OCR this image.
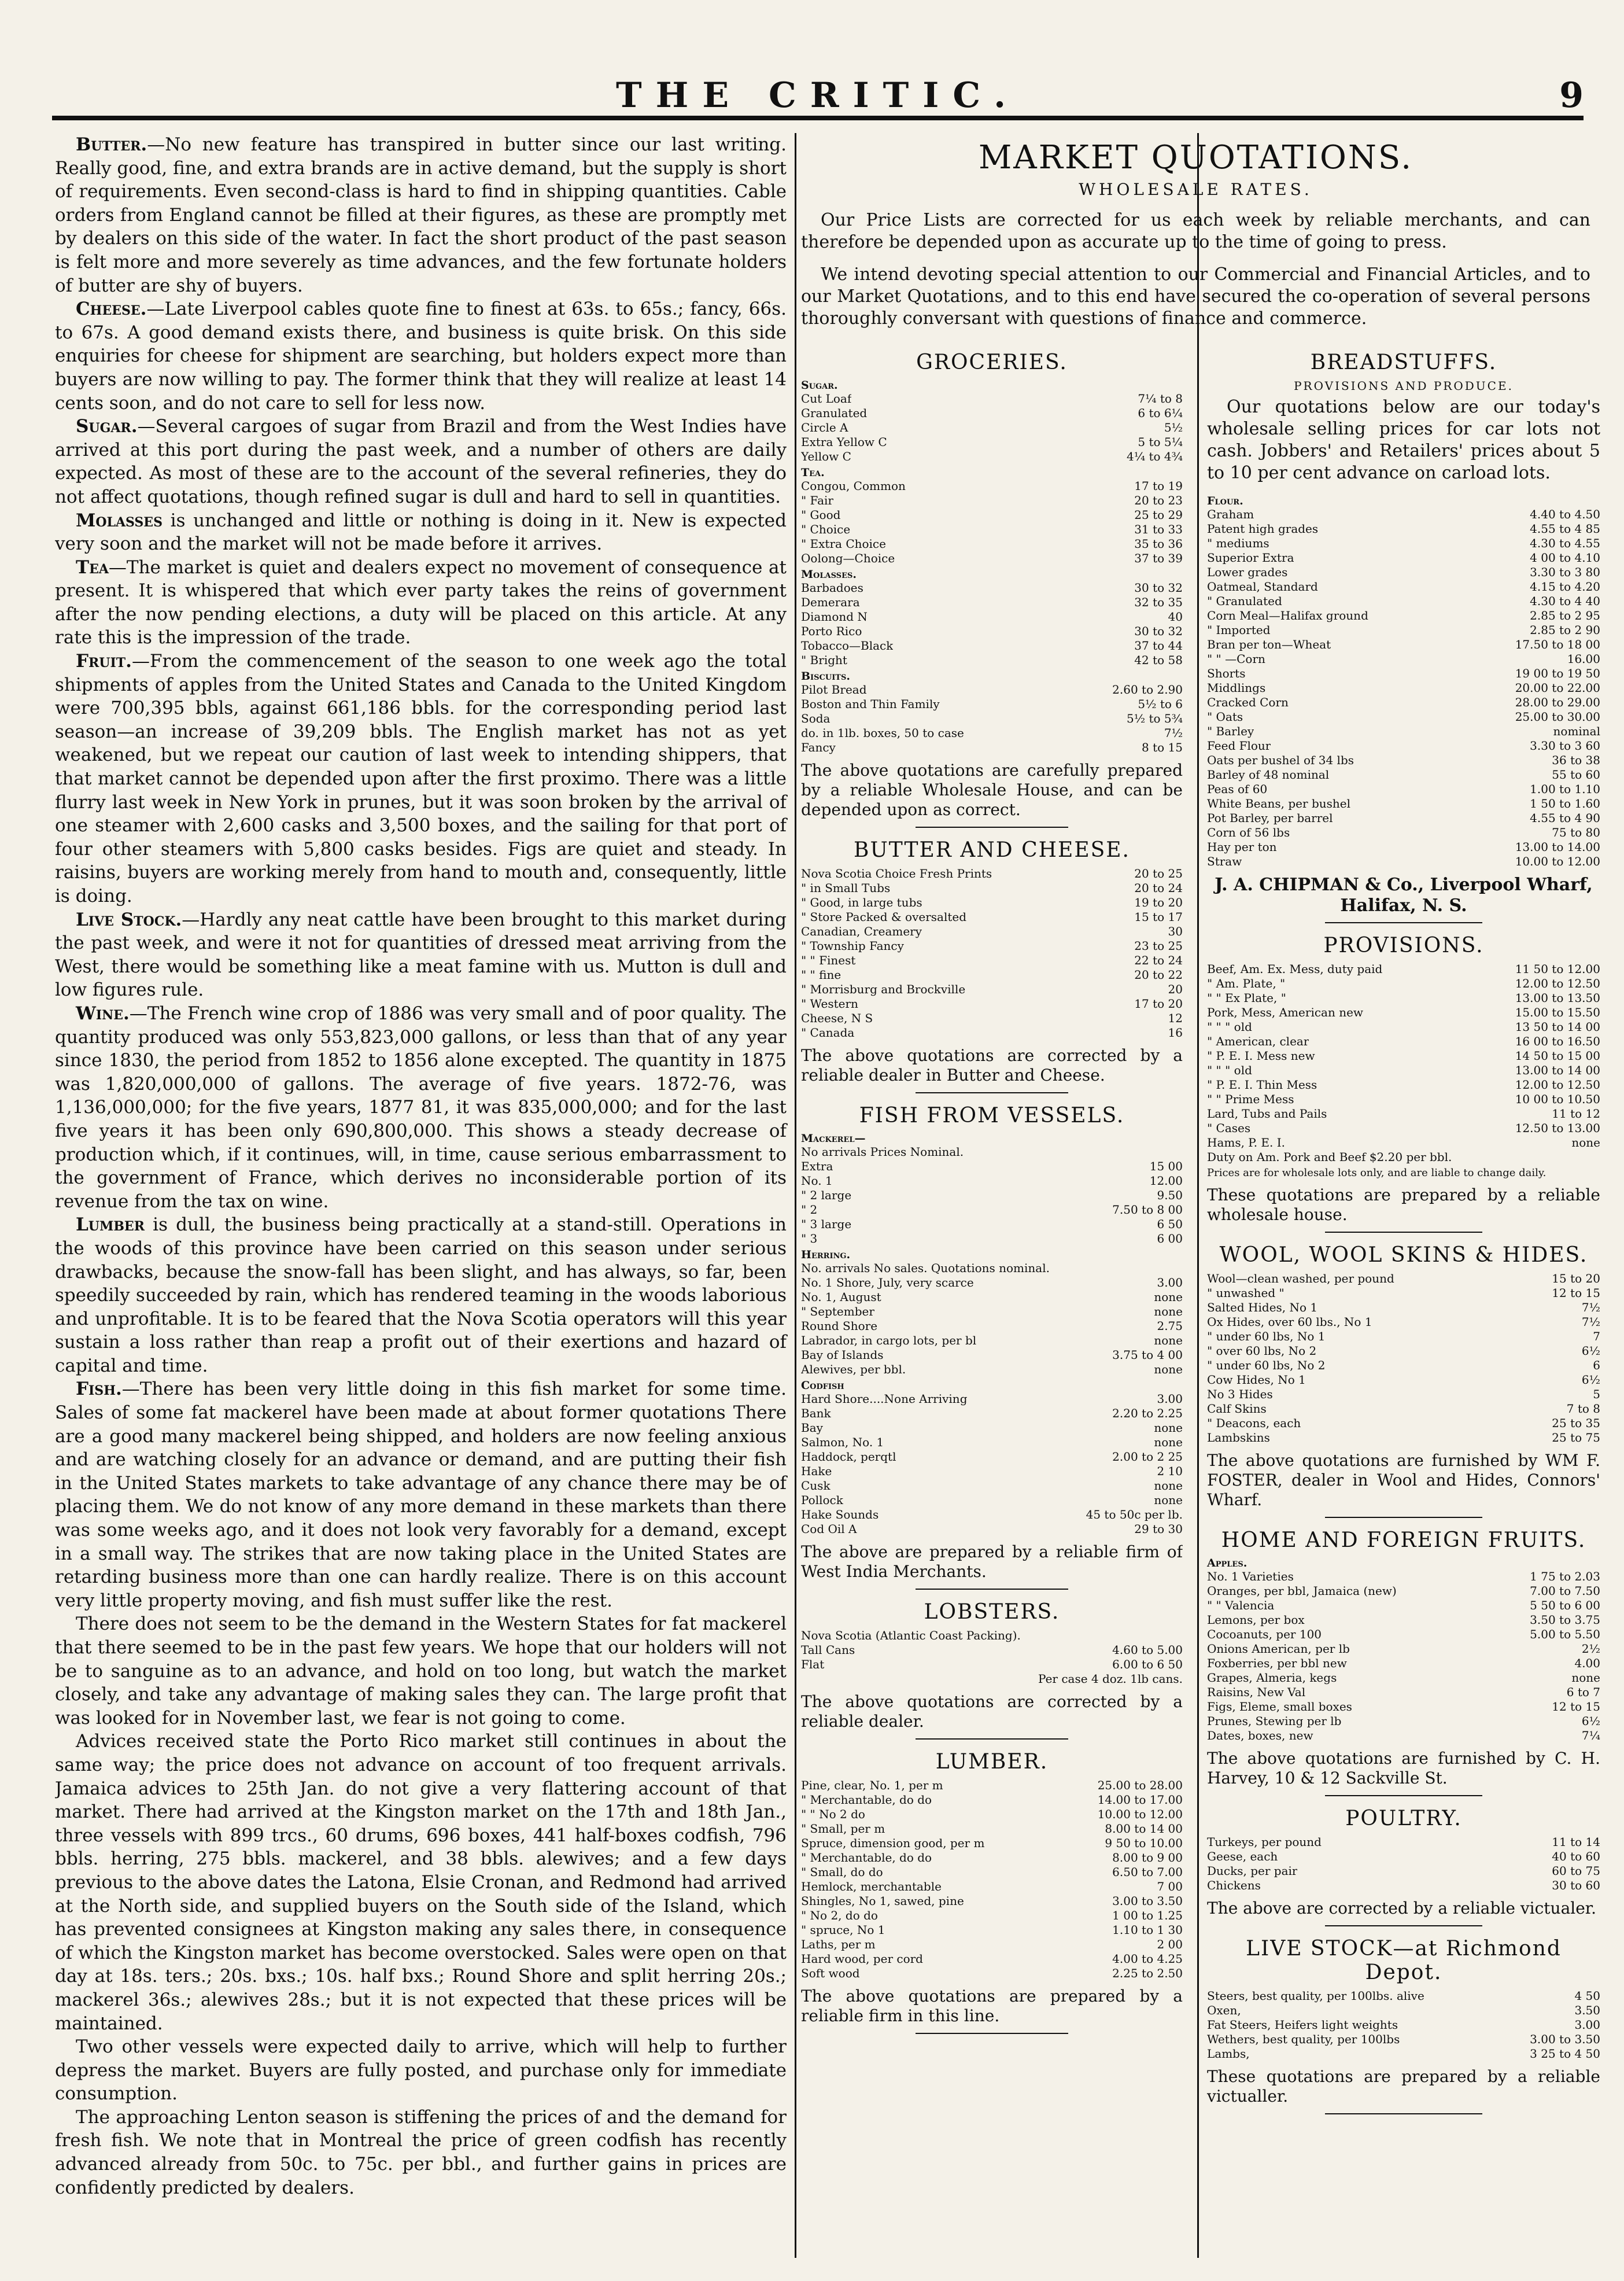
THE CRITIC.	9

Butter.—No new feature has transpired in butter since our last writing. Really good, fine, and extra brands are in active demand, but the supply is short of requirements. Even second-class is hard to find in shipping quantities. Cable orders from England cannot be filled at their figures, as these are promptly met by dealers on this side of the water. In fact the short product of the past season is felt more and more severely as time advances, and the few fortunate holders of butter are shy of buyers.

Cheese.—Late Liverpool cables quote fine to finest at 63s. to 65s.; fancy, 66s. to 67s. A good demand exists there, and business is quite brisk. On this side enquiries for cheese for shipment are searching, but holders expect more than buyers are now willing to pay. The former think that they will realize at least 14 cents soon, and do not care to sell for less now.

Sugar.—Several cargoes of sugar from Brazil and from the West Indies have arrived at this port during the past week, and a number of others are daily expected. As most of these are to the account of the several refineries, they do not affect quotations, though refined sugar is dull and hard to sell in quantities.

Molasses is unchanged and little or nothing is doing in it. New is expected very soon and the market will not be made before it arrives.

Tea—The market is quiet and dealers expect no movement of consequence at present. It is whispered that which ever party takes the reins of government after the now pending elections, a duty will be placed on this article. At any rate this is the impression of the trade.

Fruit.—From the commencement of the season to one week ago the total shipments of apples from the United States and Canada to the United Kingdom were 700,395 bbls, against 661,186 bbls. for the corresponding period last season—an increase of 39,209 bbls. The English market has not as yet weakened, but we repeat our caution of last week to intending shippers, that that market cannot be depended upon after the first proximo. There was a little flurry last week in New York in prunes, but it was soon broken by the arrival of one steamer with 2,600 casks and 3,500 boxes, and the sailing for that port of four other steamers with 5,800 casks besides. Figs are quiet and steady. In raisins, buyers are working merely from hand to mouth and, consequently, little is doing.

Live Stock.—Hardly any neat cattle have been brought to this market during the past week, and were it not for quantities of dressed meat arriving from the West, there would be something like a meat famine with us. Mutton is dull and low figures rule.

Wine.—The French wine crop of 1886 was very small and of poor quality. The quantity produced was only 553,823,000 gallons, or less than that of any year since 1830, the period from 1852 to 1856 alone excepted. The quantity in 1875 was 1,820,000,000 of gallons. The average of five years. 1872-76, was 1,136,000,000; for the five years, 1877 81, it was 835,000,000; and for the last five years it has been only 690,800,000. This shows a steady decrease of production which, if it continues, will, in time, cause serious embarrassment to the government of France, which derives no inconsiderable portion of its revenue from the tax on wine.

Lumber is dull, the business being practically at a stand-still. Operations in the woods of this province have been carried on this season under serious drawbacks, because the snow-fall has been slight, and has always, so far, been speedily succeeded by rain, which has rendered teaming in the woods laborious and unprofitable. It is to be feared that the Nova Scotia operators will this year sustain a loss rather than reap a profit out of their exertions and hazard of capital and time.

Fish.—There has been very little doing in this fish market for some time. Sales of some fat mackerel have been made at about former quotations There are a good many mackerel being shipped, and holders are now feeling anxious and are watching closely for an advance or demand, and are putting their fish in the United States markets to take advantage of any chance there may be of placing them. We do not know of any more demand in these markets than there was some weeks ago, and it does not look very favorably for a demand, except in a small way. The strikes that are now taking place in the United States are retarding business more than one can hardly realize. There is on this account very little property moving, and fish must suffer like the rest.

There does not seem to be the demand in the Western States for fat mackerel that there seemed to be in the past few years. We hope that our holders will not be to sanguine as to an advance, and hold on too long, but watch the market closely, and take any advantage of making sales they can. The large profit that was looked for in November last, we fear is not going to come.

Advices received state the Porto Rico market still continues in about the same way; the price does not advance on account of too frequent arrivals. Jamaica advices to 25th Jan. do not give a very flattering account of that market. There had arrived at the Kingston market on the 17th and 18th Jan., three vessels with 899 trcs., 60 drums, 696 boxes, 441 half-boxes codfish, 796 bbls. herring, 275 bbls. mackerel, and 38 bbls. alewives; and a few days previous to the above dates the Latona, Elsie Cronan, and Redmond had arrived at the North side, and supplied buyers on the South side of the Island, which has prevented consignees at Kingston making any sales there, in consequence of which the Kingston market has become overstocked. Sales were open on that day at 18s. ters.; 20s. bxs.; 10s. half bxs.; Round Shore and split herring 20s.; mackerel 36s.; alewives 28s.; but it is not expected that these prices will be maintained.

Two other vessels were expected daily to arrive, which will help to further depress the market. Buyers are fully posted, and purchase only for immediate consumption.

The approaching Lenton season is stiffening the prices of and the demand for fresh fish. We note that in Montreal the price of green codfish has recently advanced already from 50c. to 75c. per bbl., and further gains in prices are confidently predicted by dealers.

GROCERIES.
Sugar.
Cut Loaf	7¼ to 8
Granulated	6 to 6¼
Circle A	5½
Extra Yellow C	5 to 5¼
Yellow C	4¼ to 4¾
Tea.
Congou, Common	17 to 19
" Fair	20 to 23
" Good	25 to 29
" Choice	31 to 33
" Extra Choice	35 to 36
Oolong—Choice	37 to 39
Molasses.
Barbadoes	30 to 32
Demerara	32 to 35
Diamond N	40
Porto Rico	30 to 32
Tobacco—Black	37 to 44
" Bright	42 to 58
Biscuits.
Pilot Bread	2.60 to 2.90
Boston and Thin Family	5½ to 6
Soda	5½ to 5¾
do. in 1lb. boxes, 50 to case	7½
Fancy	8 to 15

The above quotations are carefully prepared by a reliable Wholesale House, and can be depended upon as correct.

BUTTER AND CHEESE.
Nova Scotia Choice Fresh Prints	20 to 25
" in Small Tubs	20 to 24
" Good, in large tubs	19 to 20
" Store Packed & oversalted	15 to 17
Canadian, Creamery	30
" Township Fancy	23 to 25
" " Finest	22 to 24
" " fine	20 to 22
" Morrisburg and Brockville	20
" Western	17 to 20
Cheese, N S	12
" Canada	16

The above quotations are corrected by a reliable dealer in Butter and Cheese.

FISH FROM VESSELS.
Mackerel—
No arrivals Prices Nominal.
Extra	15 00
No. 1	12.00
" 2 large	9.50
" 2	7.50 to 8 00
" 3 large	6 50
" 3	6 00
Herring.
No. arrivals No sales. Quotations nominal.
No. 1 Shore, July, very scarce	3.00
No. 1, August	none
" September	none
Round Shore	2.75
Labrador, in cargo lots, per bl	none
Bay of Islands	3.75 to 4 00
Alewives, per bbl.	none
Codfish
Hard Shore....None Arriving	3.00
Bank	2.20 to 2.25
Bay	none
Salmon, No. 1	none
Haddock, perqtl	2.00 to 2 25
Hake	2 10
Cusk	none
Pollock	none
Hake Sounds	45 to 50c per lb.
Cod Oil A	29 to 30

The above are prepared by a reliable firm of West India Merchants.

LOBSTERS.
Nova Scotia (Atlantic Coast Packing).
Tall Cans	4.60 to 5.00
Flat	6.00 to 6 50
Per case 4 doz. 1lb cans.

The above quotations are corrected by a reliable dealer.

LUMBER.
Pine, clear, No. 1, per m	25.00 to 28.00
" Merchantable, do do	14.00 to 17.00
" " No 2 do	10.00 to 12.00
" Small, per m	8.00 to 14 00
Spruce, dimension good, per m	9 50 to 10.00
" Merchantable, do do	8.00 to 9 00
" Small, do do	6.50 to 7.00
Hemlock, merchantable	7 00
Shingles, No 1, sawed, pine	3.00 to 3.50
" No 2, do do	1 00 to 1.25
" spruce, No 1	1.10 to 1 30
Laths, per m	2 00
Hard wood, per cord	4.00 to 4.25
Soft wood	2.25 to 2.50

The above quotations are prepared by a reliable firm in this line.

BREADSTUFFS.
PROVISIONS AND PRODUCE.

Our quotations below are our today's wholesale selling prices for car lots not cash. Jobbers' and Retailers' prices about 5 to 10 per cent advance on carload lots.

Flour.
Graham	4.40 to 4.50
Patent high grades	4.55 to 4 85
" mediums	4.30 to 4.55
Superior Extra	4 00 to 4.10
Lower grades	3.30 to 3 80
Oatmeal, Standard	4.15 to 4.20
" Granulated	4.30 to 4 40
Corn Meal—Halifax ground	2.85 to 2 95
" Imported	2.85 to 2 90
Bran per ton—Wheat	17.50 to 18 00
" " —Corn	16.00
Shorts	19 00 to 19 50
Middlings	20.00 to 22.00
Cracked Corn	28.00 to 29.00
" Oats	25.00 to 30.00
" Barley	nominal
Feed Flour	3.30 to 3 60
Oats per bushel of 34 lbs	36 to 38
Barley of 48 nominal	55 to 60
Peas of 60	1.00 to 1.10
White Beans, per bushel	1 50 to 1.60
Pot Barley, per barrel	4.55 to 4 90
Corn of 56 lbs	75 to 80
Hay per ton	13.00 to 14.00
Straw	10.00 to 12.00
J. A. CHIPMAN & Co., Liverpool Wharf, Halifax, N. S.
PROVISIONS.
Beef, Am. Ex. Mess, duty paid	11 50 to 12.00
" Am. Plate, "	12.00 to 12.50
" " Ex Plate, "	13.00 to 13.50
Pork, Mess, American new	15.00 to 15.50
" " " old	13 50 to 14 00
" American, clear	16 00 to 16.50
" P. E. I. Mess new	14 50 to 15 00
" " " old	13.00 to 14 00
" P. E. I. Thin Mess	12.00 to 12.50
" " Prime Mess	10 00 to 10.50
Lard, Tubs and Pails	11 to 12
" Cases	12.50 to 13.00
Hams, P. E. I.	none
Duty on Am. Pork and Beef $2.20 per bbl.
Prices are for wholesale lots only, and are liable to change daily.

These quotations are prepared by a reliable wholesale house.

WOOL, WOOL SKINS & HIDES.
Wool—clean washed, per pound	15 to 20
" unwashed "	12 to 15
Salted Hides, No 1	7½
Ox Hides, over 60 lbs., No 1	7½
" under 60 lbs, No 1	7
" over 60 lbs, No 2	6½
" under 60 lbs, No 2	6
Cow Hides, No 1	6½
No 3 Hides	5
Calf Skins	7 to 8
" Deacons, each	25 to 35
Lambskins	25 to 75

The above quotations are furnished by WM F. FOSTER, dealer in Wool and Hides, Connors' Wharf.

HOME AND FOREIGN FRUITS.
Apples.
No. 1 Varieties	1 75 to 2.03
Oranges, per bbl, Jamaica (new)	7.00 to 7.50
" " Valencia	5 50 to 6 00
Lemons, per box	3.50 to 3.75
Cocoanuts, per 100	5.00 to 5.50
Onions American, per lb	2½
Foxberries, per bbl new	4.00
Grapes, Almeria, kegs	none
Raisins, New Val	6 to 7
Figs, Eleme, small boxes	12 to 15
Prunes, Stewing per lb	6½
Dates, boxes, new	7¼

The above quotations are furnished by C. H. Harvey, 10 & 12 Sackville St.

POULTRY.
Turkeys, per pound	11 to 14
Geese, each	40 to 60
Ducks, per pair	60 to 75
Chickens	30 to 60

The above are corrected by a reliable victualer.

LIVE STOCK—at Richmond Depot.
Steers, best quality, per 100lbs. alive	4 50
Oxen,	3.50
Fat Steers, Heifers light weights	3.00
Wethers, best quality, per 100lbs	3.00 to 3.50
Lambs,	3 25 to 4 50

These quotations are prepared by a reliable victualler.

MARKET QUOTATIONS.
WHOLESALE RATES.

Our Price Lists are corrected for us each week by reliable merchants, and can therefore be depended upon as accurate up to the time of going to press.

We intend devoting special attention to our Commercial and Financial Articles, and to our Market Quotations, and to this end have secured the co-operation of several persons thoroughly conversant with questions of finance and commerce.
